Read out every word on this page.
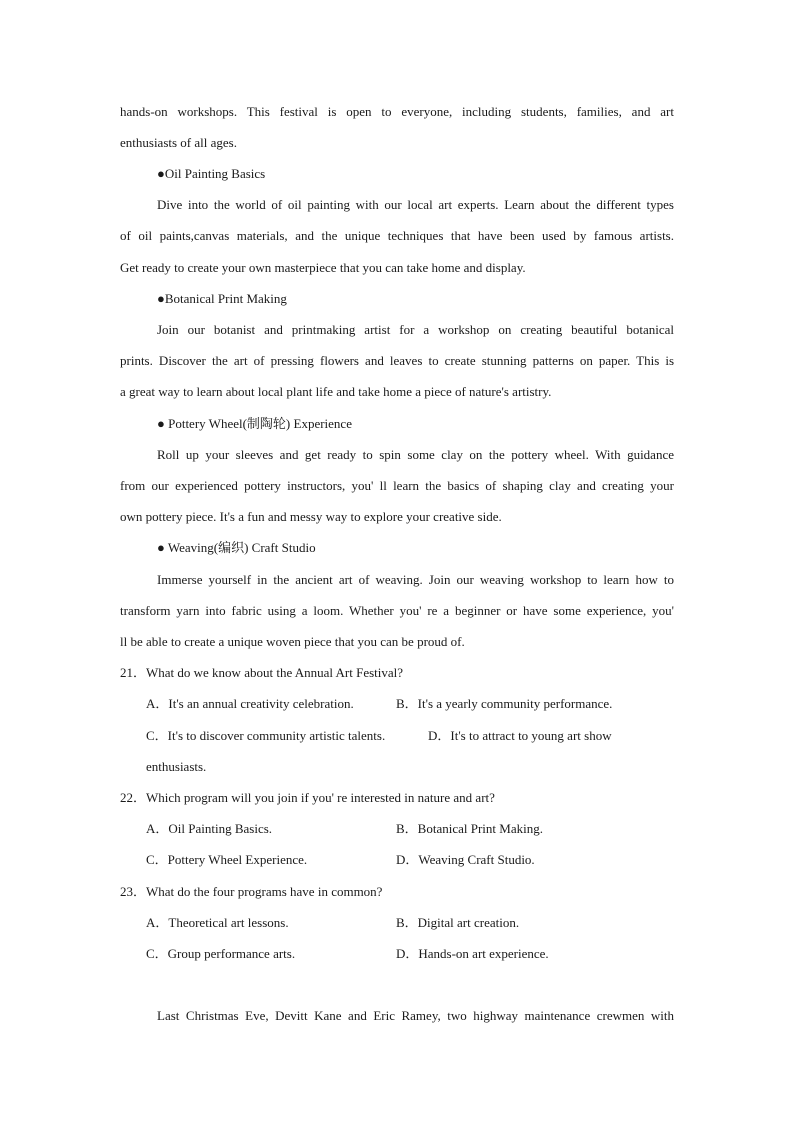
hands-on workshops. This festival is open to everyone, including students, families, and art
enthusiasts of all ages.
●Oil Painting Basics
Dive into the world of oil painting with our local art experts. Learn about the different types
of oil paints,canvas materials, and the unique techniques that have been used by famous artists.
Get ready to create your own masterpiece that you can take home and display.
●Botanical Print Making
Join our botanist and printmaking artist for a workshop on creating beautiful botanical
prints. Discover the art of pressing flowers and leaves to create stunning patterns on paper. This is
a great way to learn about local plant life and take home a piece of nature's artistry.
● Pottery Wheel(制陶轮) Experience
Roll up your sleeves and get ready to spin some clay on the pottery wheel. With guidance
from our experienced pottery instructors, you' ll learn the basics of shaping clay and creating your
own pottery piece. It's a fun and messy way to explore your creative side.
● Weaving(编织) Craft Studio
Immerse yourself in the ancient art of weaving. Join our weaving workshop to learn how to
transform yarn into fabric using a loom. Whether you' re a beginner or have some experience, you'
ll be able to create a unique woven piece that you can be proud of.
21．What do we know about the Annual Art Festival?
A．It's an annual creativity celebration.	B．It's a yearly community performance.
C．It's to discover community artistic talents.	D．It's to attract to young art show
enthusiasts.
22．Which program will you join if you' re interested in nature and art?
A．Oil Painting Basics.	B．Botanical Print Making.
C．Pottery Wheel Experience.	D．Weaving Craft Studio.
23．What do the four programs have in common?
A．Theoretical art lessons.	B．Digital art creation.
C．Group performance arts.	D．Hands-on art experience.
Last Christmas Eve, Devitt Kane and Eric Ramey, two highway maintenance crewmen with
